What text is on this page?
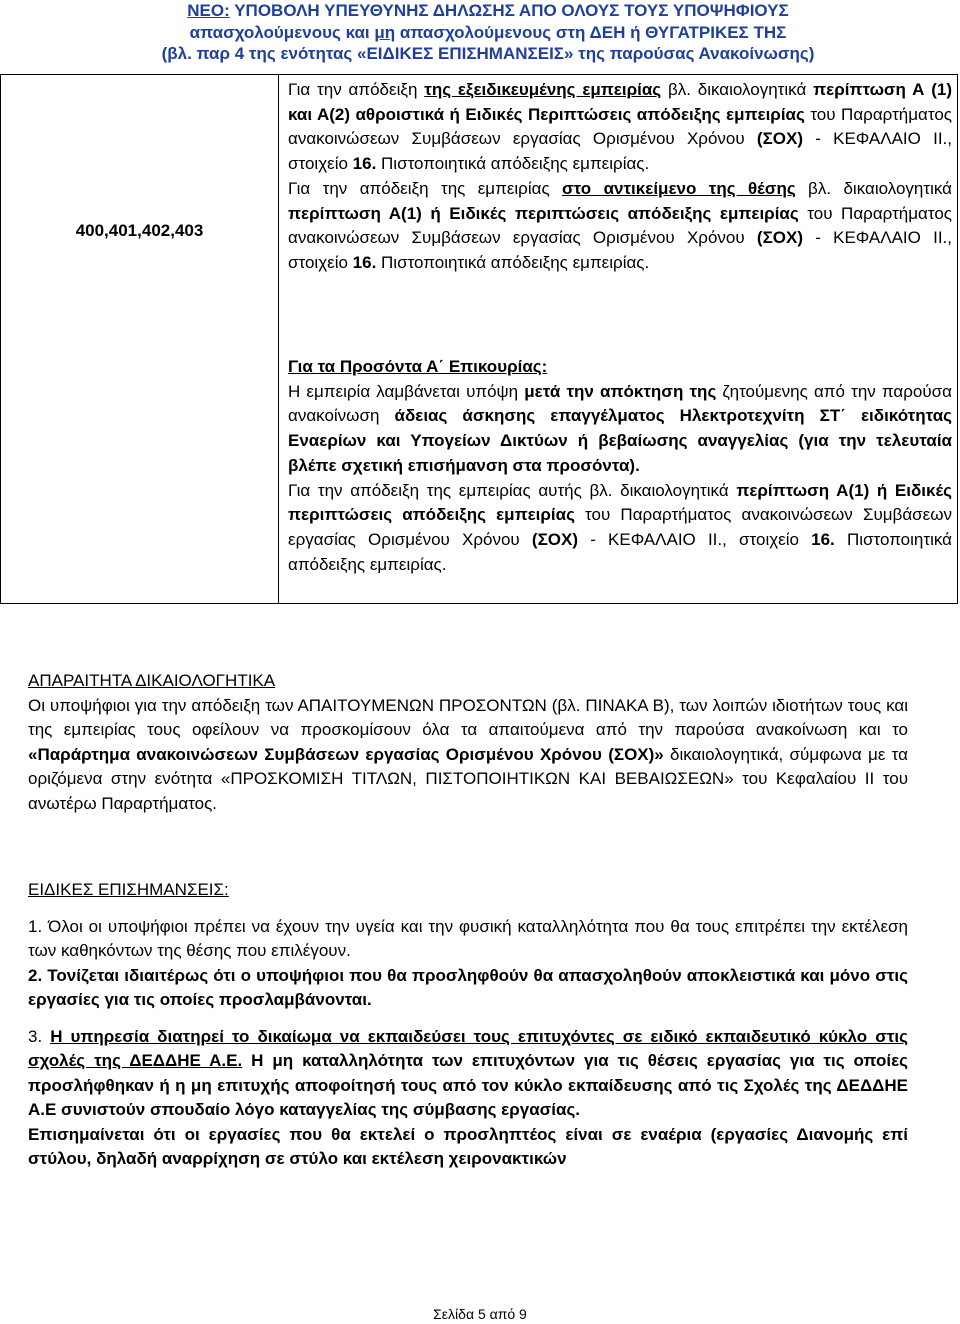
ΝΕΟ: ΥΠΟΒΟΛΗ ΥΠΕΥΘΥΝΗΣ ΔΗΛΩΣΗΣ ΑΠΟ ΟΛΟΥΣ ΤΟΥΣ ΥΠΟΨΗΦΙΟΥΣ
απασχολούμενους και μη απασχολούμενους στη ΔΕΗ ή ΘΥΓΑΤΡΙΚΕΣ ΤΗΣ
(βλ. παρ 4 της ενότητας «ΕΙΔΙΚΕΣ ΕΠΙΣΗΜΑΝΣΕΙΣ» της παρούσας Ανακοίνωσης)
400,401,402,403

Για την απόδειξη της εξειδικευμένης εμπειρίας βλ. δικαιολογητικά περίπτωση Α (1) και Α(2) αθροιστικά ή Ειδικές Περιπτώσεις απόδειξης εμπειρίας του Παραρτήματος ανακοινώσεων Συμβάσεων εργασίας Ορισμένου Χρόνου (ΣΟΧ) - ΚΕΦΑΛΑΙΟ ΙΙ., στοιχείο 16. Πιστοποιητικά απόδειξης εμπειρίας.

Για την απόδειξη της εμπειρίας στο αντικείμενο της θέσης βλ. δικαιολογητικά περίπτωση Α(1) ή Ειδικές περιπτώσεις απόδειξης εμπειρίας του Παραρτήματος ανακοινώσεων Συμβάσεων εργασίας Ορισμένου Χρόνου (ΣΟΧ) - ΚΕΦΑΛΑΙΟ ΙΙ., στοιχείο 16. Πιστοποιητικά απόδειξης εμπειρίας.

Για τα Προσόντα Α΄ Επικουρίας:

Η εμπειρία λαμβάνεται υπόψη μετά την απόκτηση της ζητούμενης από την παρούσα ανακοίνωση άδειας άσκησης επαγγέλματος Ηλεκτροτεχνίτη ΣΤ΄ ειδικότητας Εναερίων και Υπογείων Δικτύων ή βεβαίωσης αναγγελίας (για την τελευταία βλέπε σχετική επισήμανση στα προσόντα).

Για την απόδειξη της εμπειρίας αυτής βλ. δικαιολογητικά περίπτωση Α(1) ή Ειδικές περιπτώσεις απόδειξης εμπειρίας του Παραρτήματος ανακοινώσεων Συμβάσεων εργασίας Ορισμένου Χρόνου (ΣΟΧ) - ΚΕΦΑΛΑΙΟ ΙΙ., στοιχείο 16. Πιστοποιητικά απόδειξης εμπειρίας.

ΑΠΑΡΑΙΤΗΤΑ ΔΙΚΑΙΟΛΟΓΗΤΙΚΑ

Οι υποψήφιοι για την απόδειξη των ΑΠΑΙΤΟΥΜΕΝΩΝ ΠΡΟΣΟΝΤΩΝ (βλ. ΠΙΝΑΚΑ Β), των λοιπών ιδιοτήτων τους και της εμπειρίας τους οφείλουν να προσκομίσουν όλα τα απαιτούμενα από την παρούσα ανακοίνωση και το «Παράρτημα ανακοινώσεων Συμβάσεων εργασίας Ορισμένου Χρόνου (ΣΟΧ)» δικαιολογητικά, σύμφωνα με τα οριζόμενα στην ενότητα «ΠΡΟΣΚΟΜΙΣΗ ΤΙΤΛΩΝ, ΠΙΣΤΟΠΟΙΗΤΙΚΩΝ ΚΑΙ ΒΕΒΑΙΩΣΕΩΝ» του Κεφαλαίου ΙΙ του ανωτέρω Παραρτήματος.

ΕΙΔΙΚΕΣ ΕΠΙΣΗΜΑΝΣΕΙΣ:

1. Όλοι οι υποψήφιοι πρέπει να έχουν την υγεία και την φυσική καταλληλότητα που θα τους επιτρέπει την εκτέλεση των καθηκόντων της θέσης που επιλέγουν.

2. Τονίζεται ιδιαιτέρως ότι ο υποψήφιοι που θα προσληφθούν θα απασχοληθούν αποκλειστικά και μόνο στις εργασίες για τις οποίες προσλαμβάνονται.

3. Η υπηρεσία διατηρεί το δικαίωμα να εκπαιδεύσει τους επιτυχόντες σε ειδικό εκπαιδευτικό κύκλο στις σχολές της ΔΕΔΔΗΕ Α.Ε. Η μη καταλληλότητα των επιτυχόντων για τις θέσεις εργασίας για τις οποίες προσλήφθηκαν ή η μη επιτυχής αποφοίτησή τους από τον κύκλο εκπαίδευσης από τις Σχολές της ΔΕΔΔΗΕ Α.Ε συνιστούν σπουδαίο λόγο καταγγελίας της σύμβασης εργασίας.

Επισημαίνεται ότι οι εργασίες που θα εκτελεί ο προσληπτέος είναι σε εναέρια (εργασίες Διανομής επί στύλου, δηλαδή αναρρίχηση σε στύλο και εκτέλεση χειρονακτικών

Σελίδα 5 από 9
